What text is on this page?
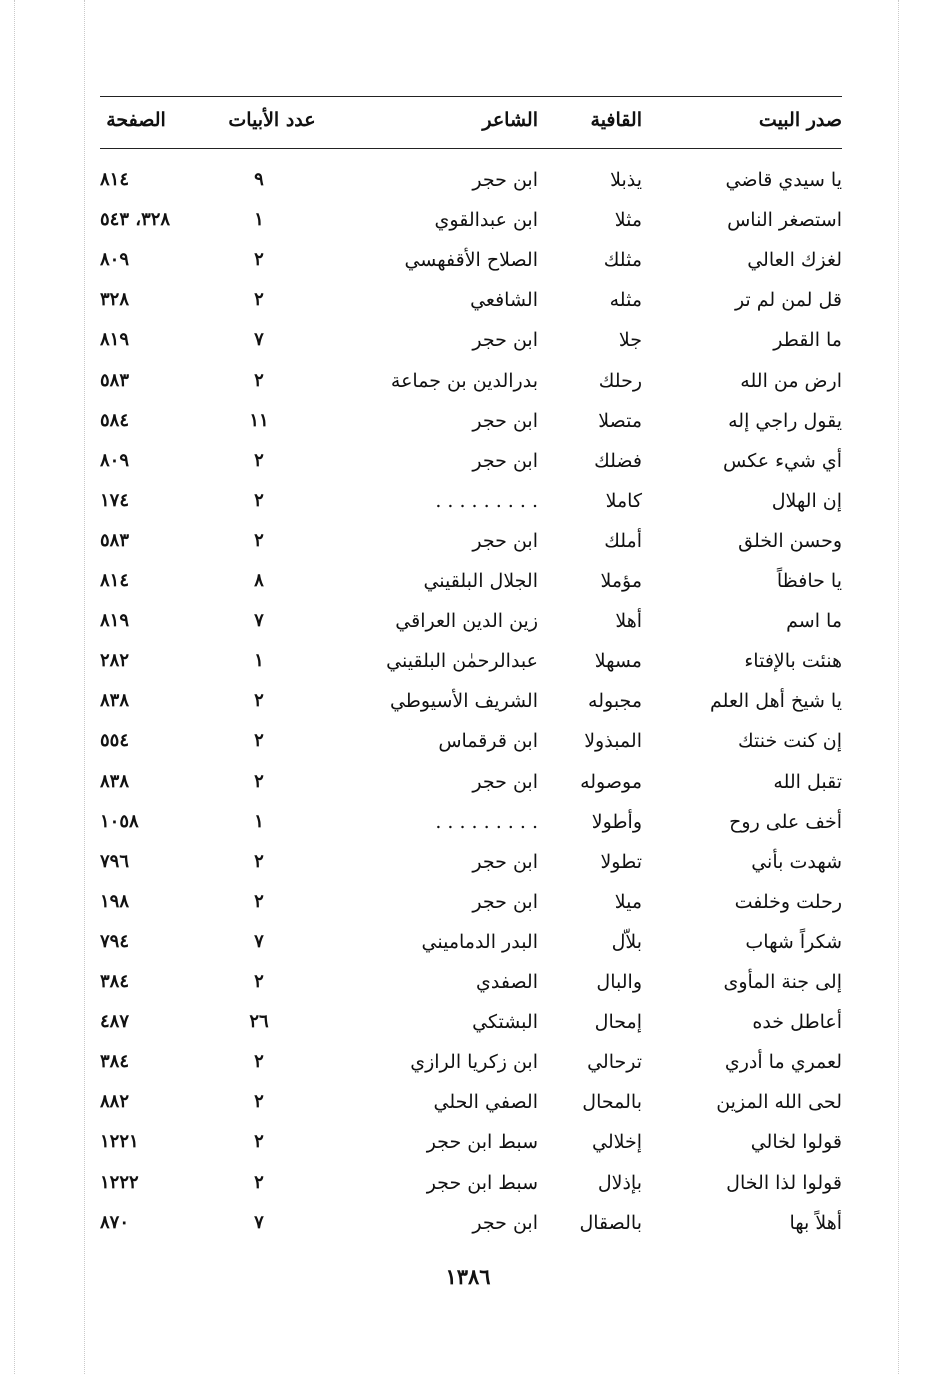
صدر البيت
القافية
الشاعر
عدد الأبيات
الصفحة
يا سيدي قاضي
يذبلا
ابن حجر
٩
٨١٤
استصغر الناس
مثلا
ابن عبدالقوي
١
٣٢٨، ٥٤٣
لغزك العالي
مثلك
الصلاح الأقفهسي
٢
٨٠٩
قل لمن لم تر
مثله
الشافعي
٢
٣٢٨
ما القطر
جلا
ابن حجر
٧
٨١٩
ارض من الله
رحلك
بدرالدين بن جماعة
٢
٥٨٣
يقول راجي إله
متصلا
ابن حجر
١١
٥٨٤
أي شيء عكس
فضلك
ابن حجر
٢
٨٠٩
إن الهلال
كاملا
. . . . . . . . .
٢
١٧٤
وحسن الخلق
أملك
ابن حجر
٢
٥٨٣
يا حافظاً
مؤملا
الجلال البلقيني
٨
٨١٤
ما اسم
أهلا
زين الدين العراقي
٧
٨١٩
هنئت بالإفتاء
مسهلا
عبدالرحمٰن البلقيني
١
٢٨٢
يا شيخ أهل العلم
مجبوله
الشريف الأسيوطي
٢
٨٣٨
إن كنت خنتك
المبذولا
ابن قرقماس
٢
٥٥٤
تقبل الله
موصوله
ابن حجر
٢
٨٣٨
أخف على روح
وأطولا
. . . . . . . . .
١
١٠٥٨
شهدت بأني
تطولا
ابن حجر
٢
٧٩٦
رحلت وخلفت
ميلا
ابن حجر
٢
١٩٨
شكراً شهاب
بلاّل
البدر الدماميني
٧
٧٩٤
إلى جنة المأوى
والبال
الصفدي
٢
٣٨٤
أعاطل خده
إمحال
البشتكي
٢٦
٤٨٧
لعمري ما أدري
ترحالي
ابن زكريا الرازي
٢
٣٨٤
لحى الله المزين
بالمحال
الصفي الحلي
٢
٨٨٢
قولوا لخالي
إخلالي
سبط ابن حجر
٢
١٢٢١
قولوا لذا الخال
بإذلال
سبط ابن حجر
٢
١٢٢٢
أهلاً بها
بالصقال
ابن حجر
٧
٨٧٠
١٣٨٦
